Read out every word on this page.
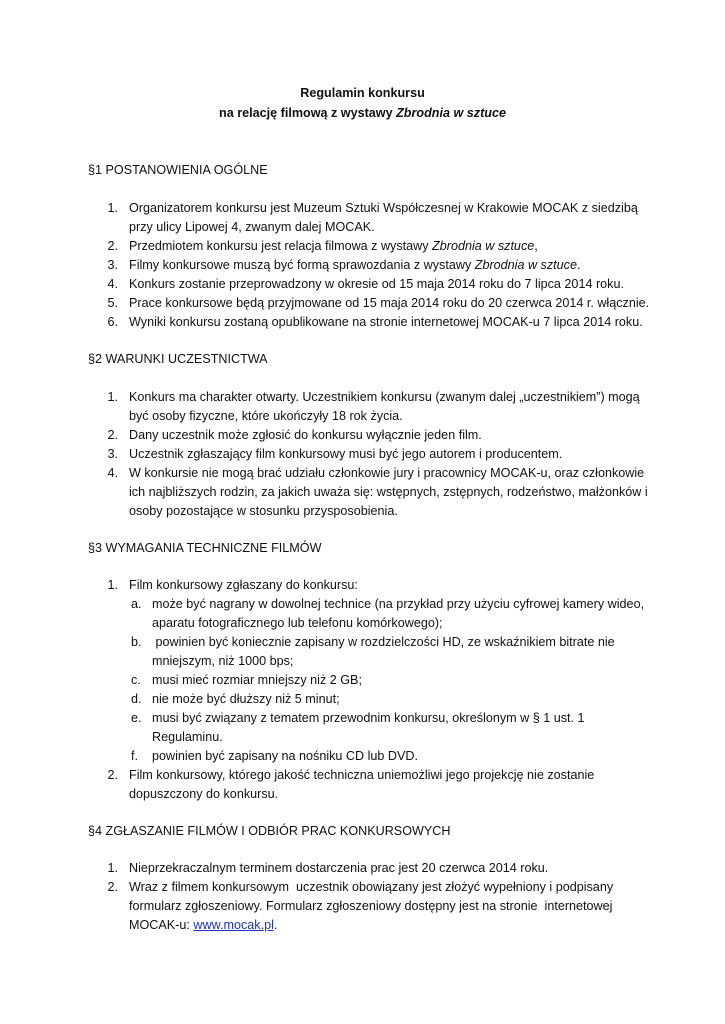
Regulamin konkursu
na relację filmową z wystawy Zbrodnia w sztuce
§1 POSTANOWIENIA OGÓLNE
1. Organizatorem konkursu jest Muzeum Sztuki Współczesnej w Krakowie MOCAK z siedzibą
przy ulicy Lipowej 4, zwanym dalej MOCAK.
2. Przedmiotem konkursu jest relacja filmowa z wystawy Zbrodnia w sztuce,
3. Filmy konkursowe muszą być formą sprawozdania z wystawy Zbrodnia w sztuce.
4. Konkurs zostanie przeprowadzony w okresie od 15 maja 2014 roku do 7 lipca 2014 roku.
5. Prace konkursowe będą przyjmowane od 15 maja 2014 roku do 20 czerwca 2014 r. włącznie.
6. Wyniki konkursu zostaną opublikowane na stronie internetowej MOCAK-u 7 lipca 2014 roku.
§2 WARUNKI UCZESTNICTWA
1. Konkurs ma charakter otwarty. Uczestnikiem konkursu (zwanym dalej „uczestnikiem”) mogą
być osoby fizyczne, które ukończyły 18 rok życia.
2. Dany uczestnik może zgłosić do konkursu wyłącznie jeden film.
3. Uczestnik zgłaszający film konkursowy musi być jego autorem i producentem.
4. W konkursie nie mogą brać udziału członkowie jury i pracownicy MOCAK-u, oraz członkowie
ich najbliższych rodzin, za jakich uważa się: wstępnych, zstępnych, rodzeństwo, małżonków i
osoby pozostające w stosunku przysposobienia.
§3 WYMAGANIA TECHNICZNE FILMÓW
1. Film konkursowy zgłaszany do konkursu:
a. może być nagrany w dowolnej technice (na przykład przy użyciu cyfrowej kamery wideo,
aparatu fotograficznego lub telefonu komórkowego);
b. powinien być koniecznie zapisany w rozdzielczości HD, ze wskaźnikiem bitrate nie
mniejszym, niż 1000 bps;
c. musi mieć rozmiar mniejszy niż 2 GB;
d. nie może być dłuższy niż 5 minut;
e. musi być związany z tematem przewodnim konkursu, określonym w § 1 ust. 1
Regulaminu.
f. powinien być zapisany na nośniku CD lub DVD.
2. Film konkursowy, którego jakość techniczna uniemożliwi jego projekcję nie zostanie
dopuszczony do konkursu.
§4 ZGŁASZANIE FILMÓW I ODBIÓR PRAC KONKURSOWYCH
1. Nieprzekraczalnym terminem dostarczenia prac jest 20 czerwca 2014 roku.
2. Wraz z filmem konkursowym  uczestnik obowiązany jest złożyć wypełniony i podpisany
formularz zgłoszeniowy. Formularz zgłoszeniowy dostępny jest na stronie  internetowej
MOCAK-u: www.mocak.pl.
